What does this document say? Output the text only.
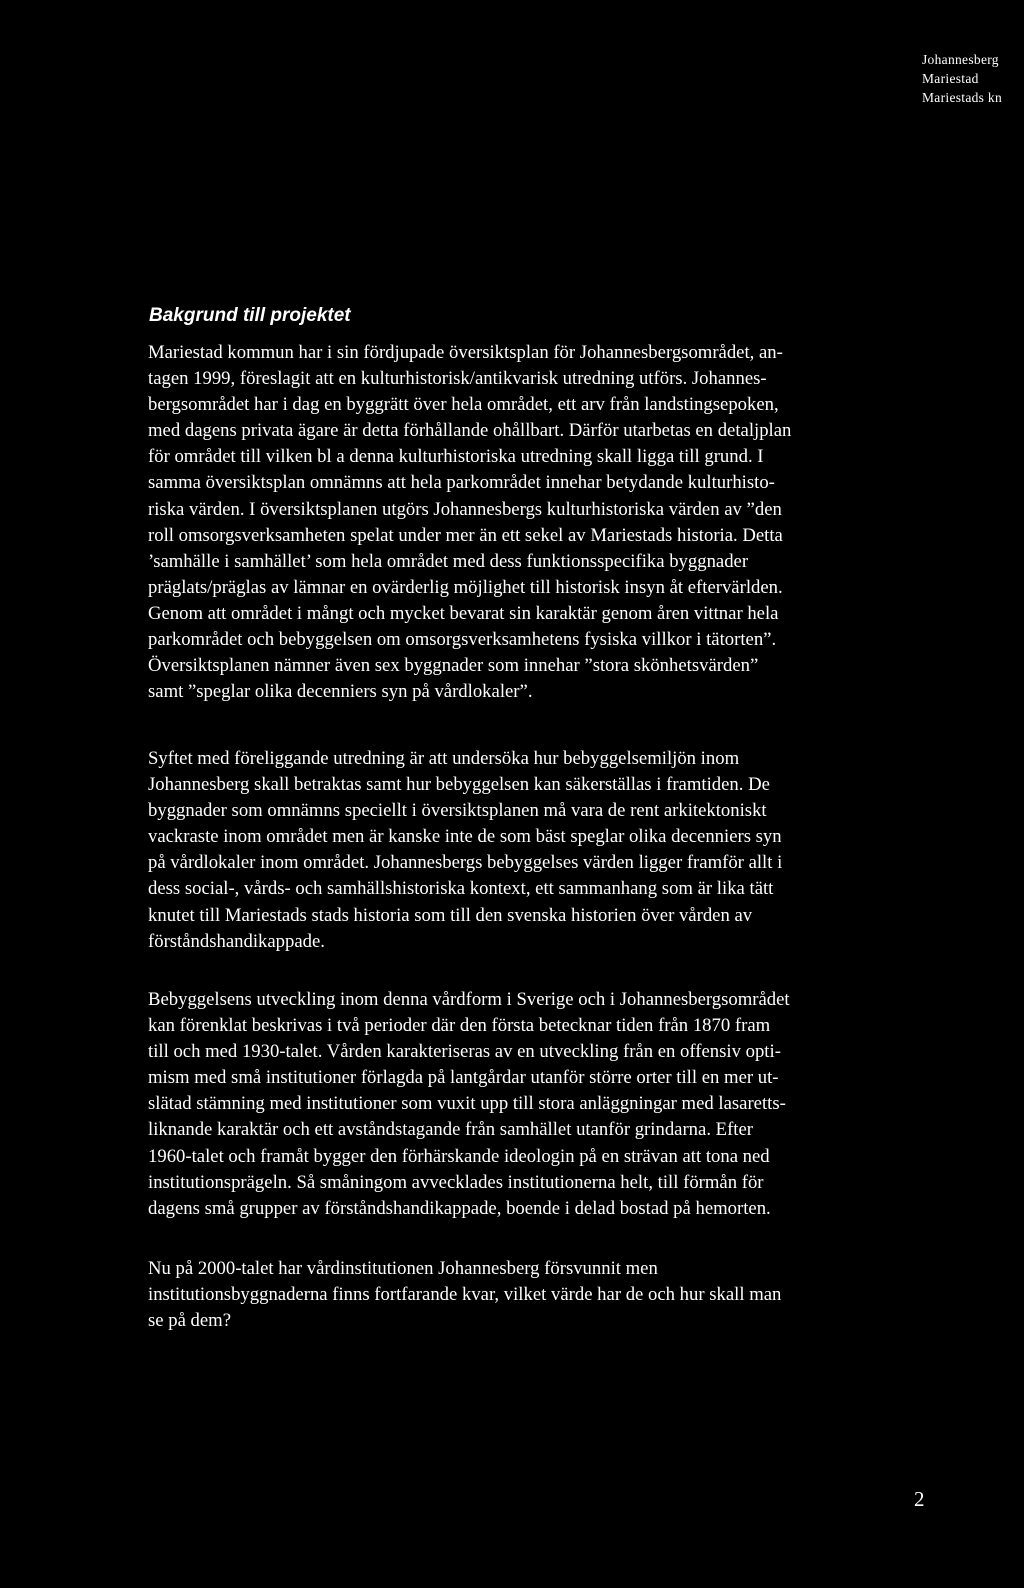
Johannesberg
Mariestad
Mariestads kn
Bakgrund till projektet
Mariestad kommun har i sin fördjupade översiktsplan för Johannesbergsområdet, an-
tagen 1999, föreslagit att en kulturhistorisk/antikvarisk utredning utförs. Johannes-
bergsområdet har i dag en byggrätt över hela området, ett arv från landstingsepoken,
med dagens privata ägare är detta förhållande ohållbart. Därför utarbetas en detaljplan
för området till vilken bl a denna kulturhistoriska utredning skall ligga till grund. I
samma översiktsplan omnämns att hela parkområdet innehar betydande kulturhisto-
riska värden. I översiktsplanen utgörs Johannesbergs kulturhistoriska värden av ”den
roll omsorgsverksamheten spelat under mer än ett sekel av Mariestads historia. Detta
’samhälle i samhället’ som hela området med dess funktionsspecifika byggnader
präglats/präglas av lämnar en ovärderlig möjlighet till historisk insyn åt eftervärlden.
Genom att området i mångt och mycket bevarat sin karaktär genom åren vittnar hela
parkområdet och bebyggelsen om omsorgsverksamhetens fysiska villkor i tätorten”.
Översiktsplanen nämner även sex byggnader som innehar ”stora skönhetsvärden”
samt ”speglar olika decenniers syn på vårdlokaler”.
Syftet med föreliggande utredning är att undersöka hur bebyggelsemiljön inom
Johannesberg skall betraktas samt hur bebyggelsen kan säkerställas i framtiden. De
byggnader som omnämns speciellt i översiktsplanen må vara de rent arkitektoniskt
vackraste inom området men är kanske inte de som bäst speglar olika decenniers syn
på vårdlokaler inom området. Johannesbergs bebyggelses värden ligger framför allt i
dess social-, vårds- och samhällshistoriska kontext, ett sammanhang som är lika tätt
knutet till Mariestads stads historia som till den svenska historien över vården av
förståndshandikappade.
Bebyggelsens utveckling inom denna vårdform i Sverige och i Johannesbergsområdet
kan förenklat beskrivas i två perioder där den första betecknar tiden från 1870 fram
till och med 1930-talet. Vården karakteriseras av en utveckling från en offensiv opti-
mism med små institutioner förlagda på lantgårdar utanför större orter till en mer ut-
slätad stämning med institutioner som vuxit upp till stora anläggningar med lasaretts-
liknande karaktär och ett avståndstagande från samhället utanför grindarna. Efter
1960-talet och framåt bygger den förhärskande ideologin på en strävan att tona ned
institutionsprägeln. Så småningom avvecklades institutionerna helt, till förmån för
dagens små grupper av förståndshandikappade, boende i delad bostad på hemorten.
Nu på 2000-talet har vårdinstitutionen Johannesberg försvunnit men
institutionsbyggnaderna finns fortfarande kvar, vilket värde har de och hur skall man
se på dem?
2
